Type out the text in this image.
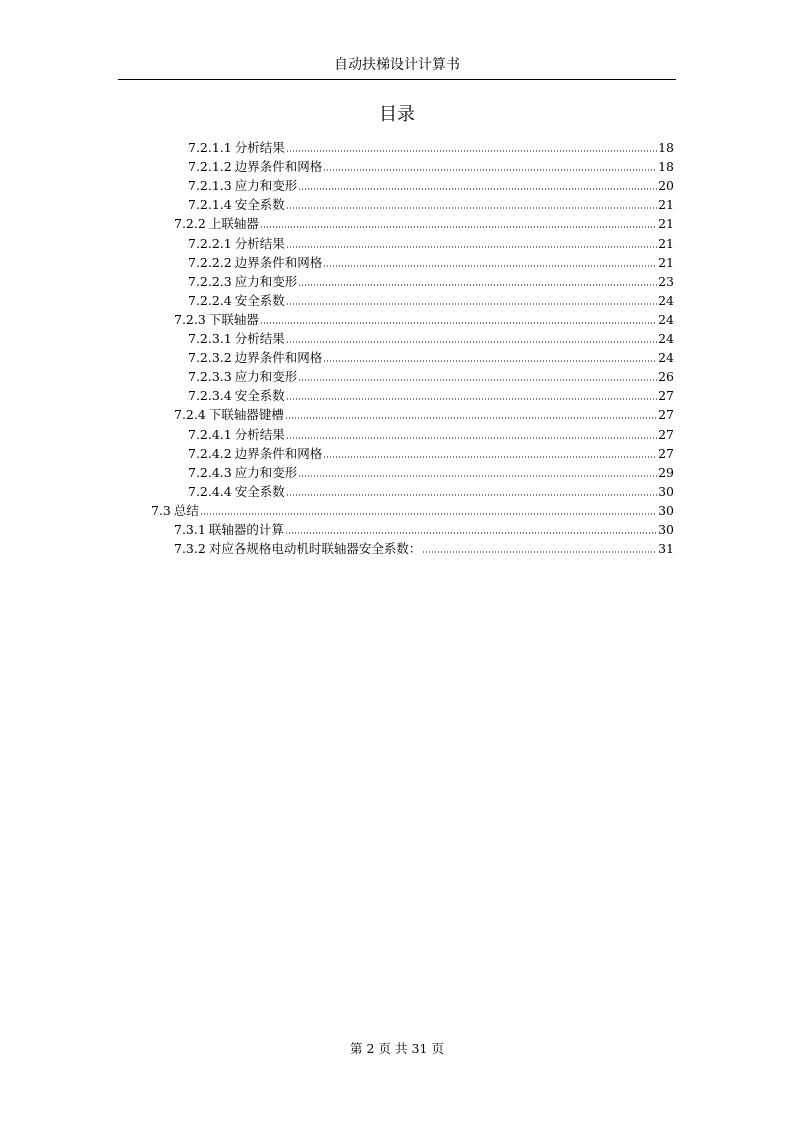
自动扶梯设计计算书
目录
7.2.1.1 分析结果	18
7.2.1.2 边界条件和网格	18
7.2.1.3 应力和变形	20
7.2.1.4 安全系数	21
7.2.2 上联轴器	21
7.2.2.1 分析结果	21
7.2.2.2 边界条件和网格	21
7.2.2.3 应力和变形	23
7.2.2.4 安全系数	24
7.2.3 下联轴器	24
7.2.3.1 分析结果	24
7.2.3.2 边界条件和网格	24
7.2.3.3 应力和变形	26
7.2.3.4 安全系数	27
7.2.4 下联轴器键槽	27
7.2.4.1 分析结果	27
7.2.4.2 边界条件和网格	27
7.2.4.3 应力和变形	29
7.2.4.4 安全系数	30
7.3 总结	30
7.3.1 联轴器的计算	30
7.3.2 对应各规格电动机时联轴器安全系数：	31
第 2 页 共 31 页
